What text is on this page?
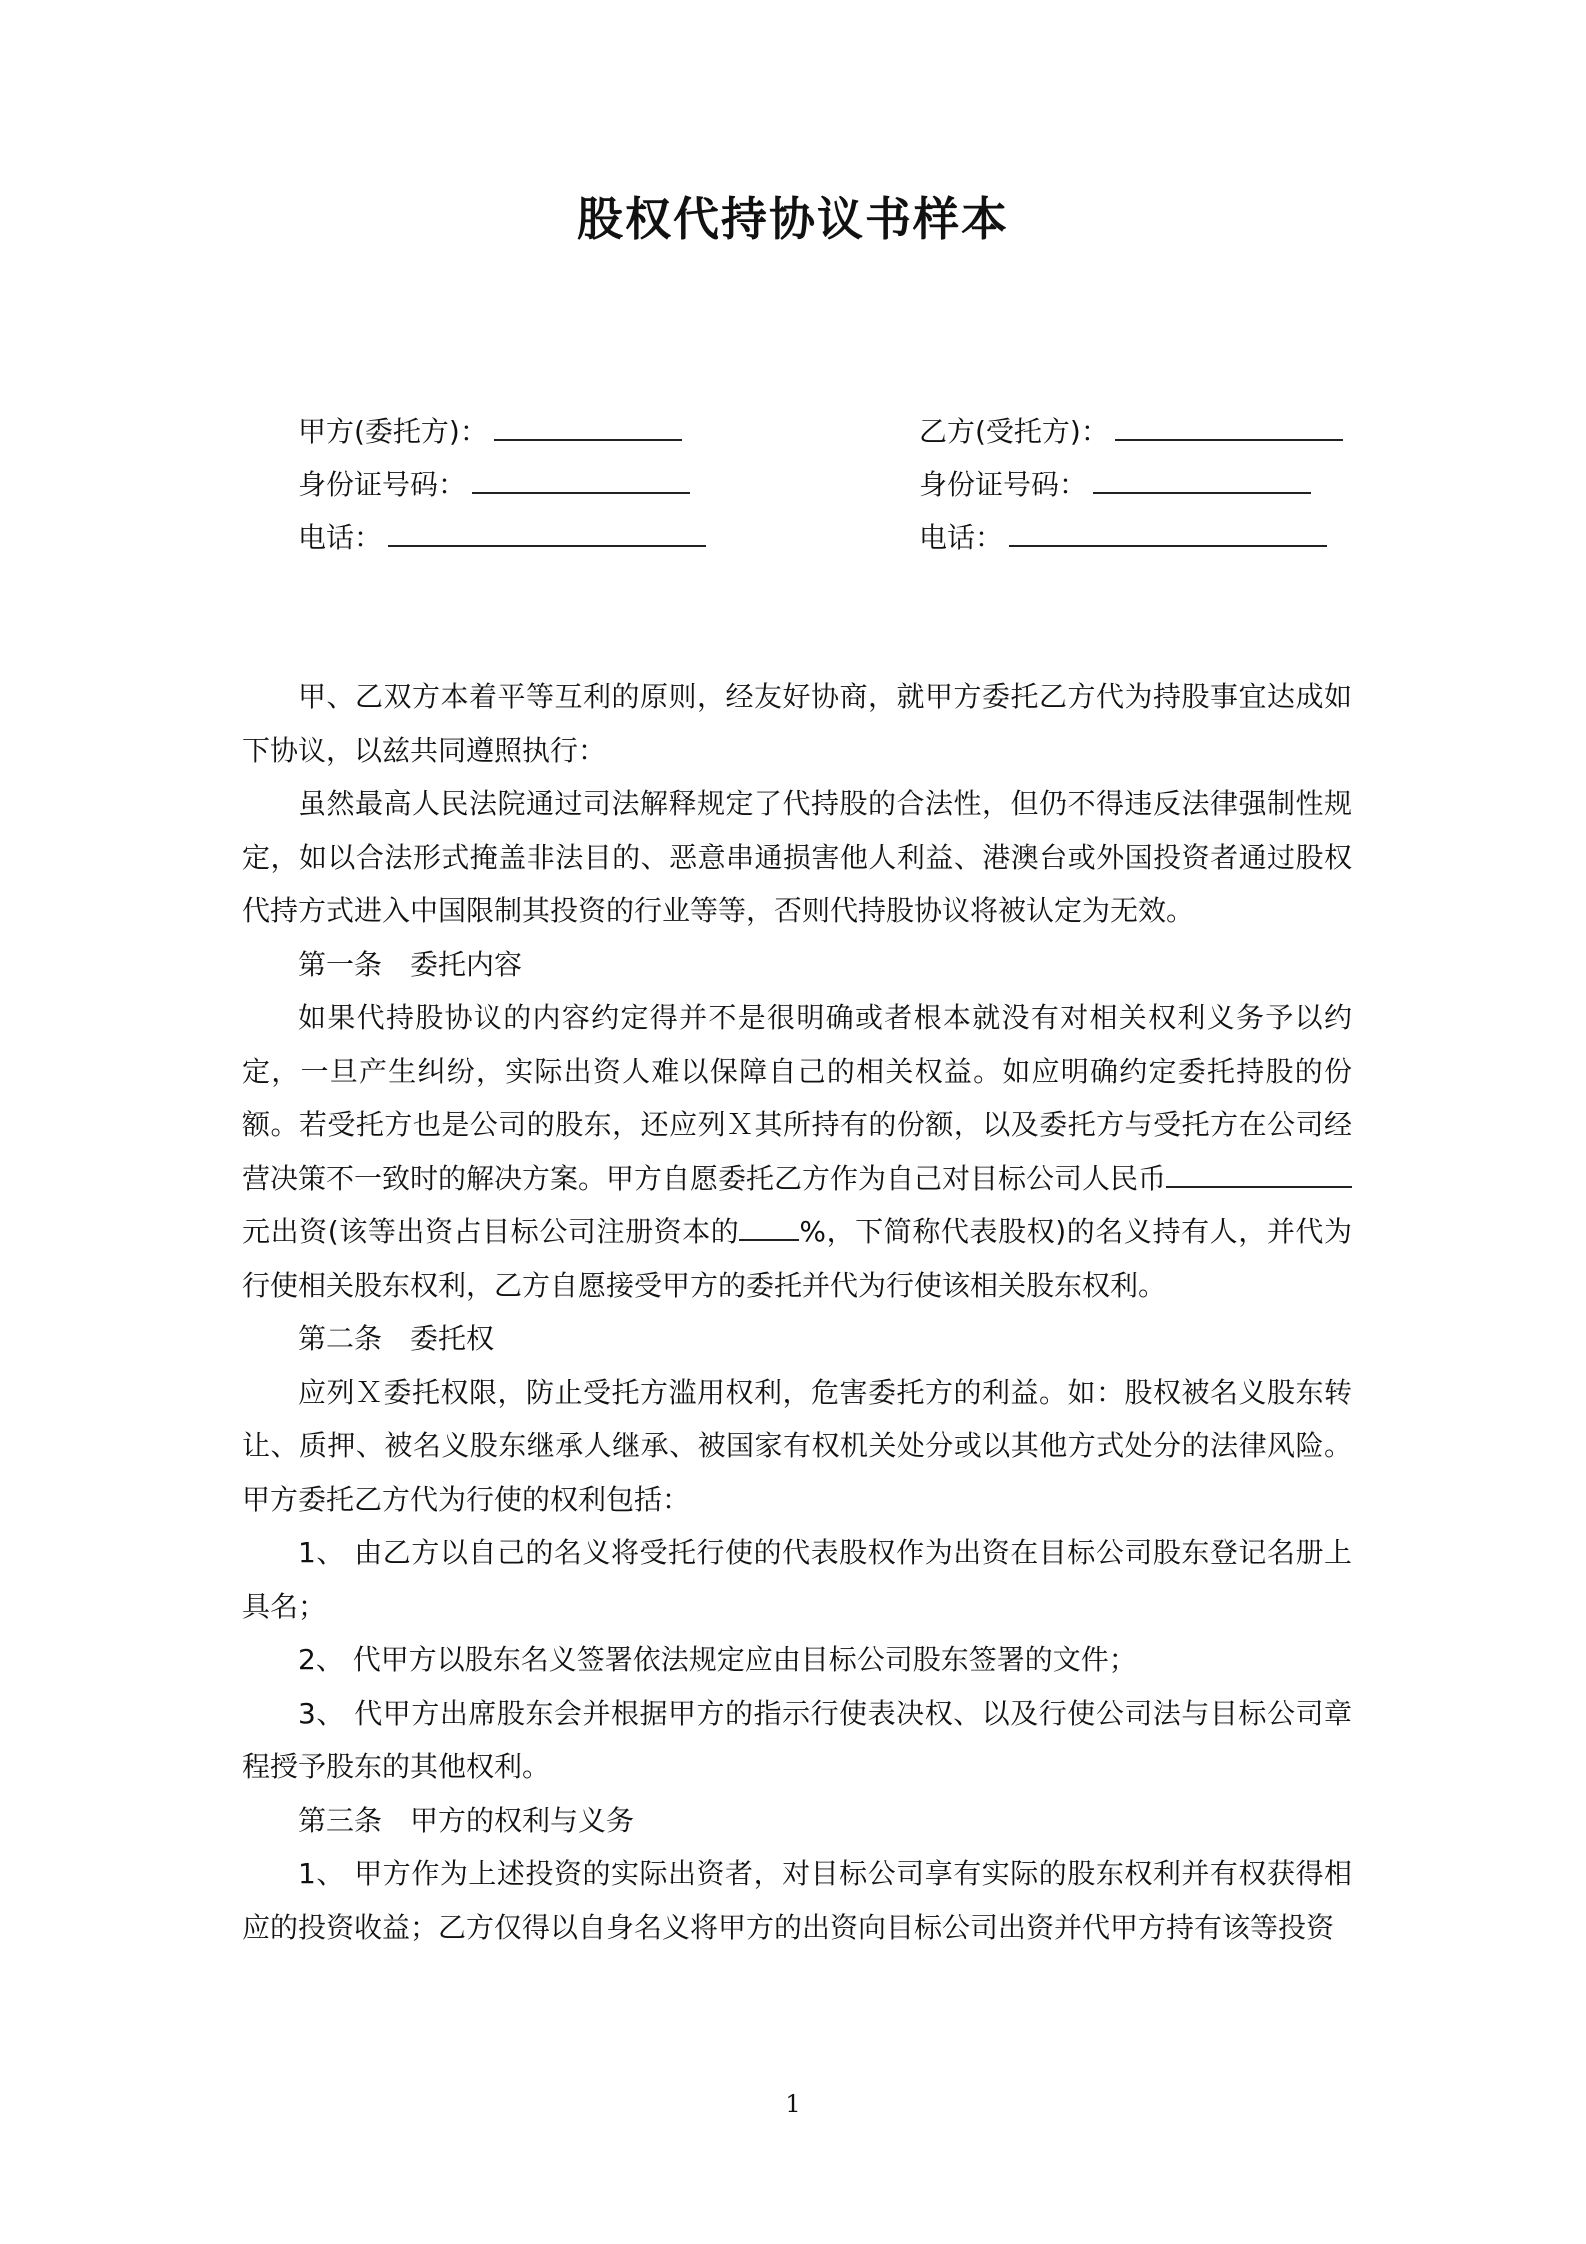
股权代持协议书样本
甲方(委托方)：
身份证号码：
电话：
乙方(受托方)：
身份证号码：
电话：

甲、乙双方本着平等互利的原则，经友好协商，就甲方委托乙方代为持股事宜达成如下协议，以兹共同遵照执行：

虽然最高人民法院通过司法解释规定了代持股的合法性，但仍不得违反法律强制性规定，如以合法形式掩盖非法目的、恶意串通损害他人利益、港澳台或外国投资者通过股权代持方式进入中国限制其投资的行业等等，否则代持股协议将被认定为无效。

第一条 委托内容

如果代持股协议的内容约定得并不是很明确或者根本就没有对相关权利义务予以约定，一旦产生纠纷，实际出资人难以保障自己的相关权益。如应明确约定委托持股的份额。若受托方也是公司的股东，还应列Ｘ其所持有的份额，以及委托方与受托方在公司经营决策不一致时的解决方案。甲方自愿委托乙方作为自己对目标公司人民币元出资(该等出资占目标公司注册资本的 %，下简称代表股权)的名义持有人，并代为行使相关股东权利，乙方自愿接受甲方的委托并代为行使该相关股东权利。

第二条 委托权

应列Ｘ委托权限，防止受托方滥用权利，危害委托方的利益。如：股权被名义股东转让、质押、被名义股东继承人继承、被国家有权机关处分或以其他方式处分的法律风险。甲方委托乙方代为行使的权利包括：

1、 由乙方以自己的名义将受托行使的代表股权作为出资在目标公司股东登记名册上具名；

2、 代甲方以股东名义签署依法规定应由目标公司股东签署的文件；

3、 代甲方出席股东会并根据甲方的指示行使表决权、以及行使公司法与目标公司章程授予股东的其他权利。

第三条 甲方的权利与义务

1、 甲方作为上述投资的实际出资者，对目标公司享有实际的股东权利并有权获得相应的投资收益；乙方仅得以自身名义将甲方的出资向目标公司出资并代甲方持有该等投资

1
